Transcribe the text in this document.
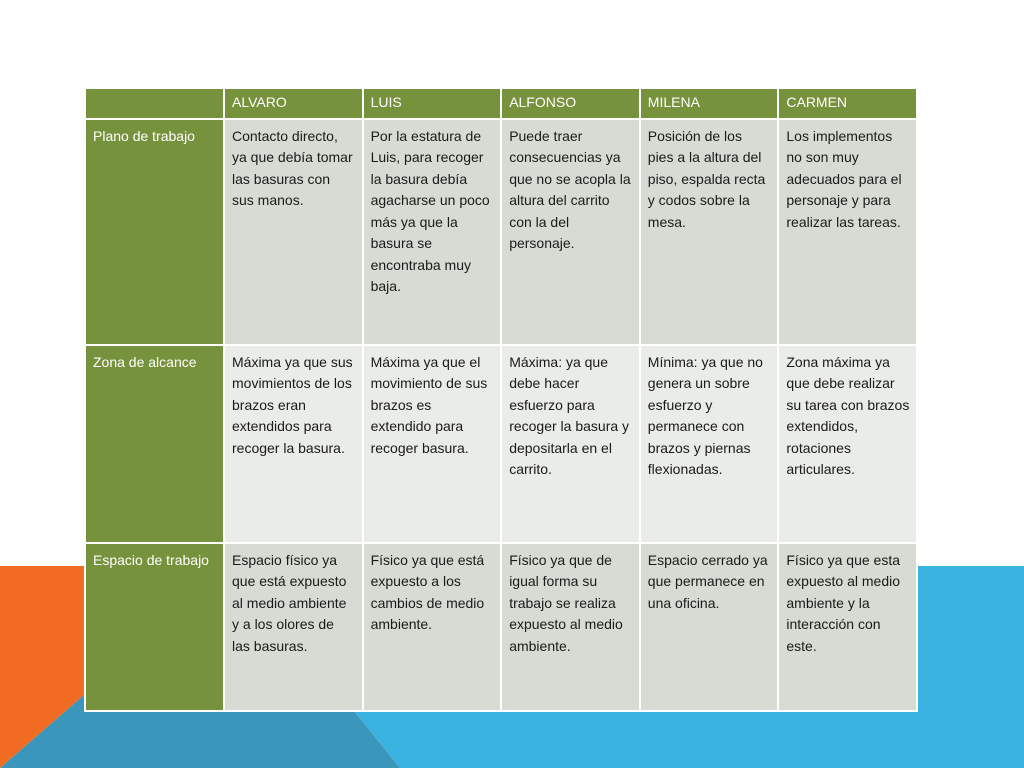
	ALVARO	LUIS	ALFONSO	MILENA	CARMEN
Plano de trabajo	Contacto directo, ya que debía tomar las basuras con sus manos.	Por la estatura de Luis, para recoger la basura debía agacharse un poco más ya que la basura se encontraba muy baja.	Puede traer consecuencias ya que no se acopla la altura del carrito con la del personaje.	Posición de los pies a la altura del piso, espalda recta y codos sobre la mesa.	Los implementos no son muy adecuados para el personaje y para realizar las tareas.
Zona de alcance	Máxima ya que sus movimientos de los brazos eran extendidos para recoger la basura.	Máxima ya que el movimiento de sus brazos es extendido para recoger basura.	Máxima: ya que debe hacer esfuerzo para recoger la basura y depositarla en el carrito.	Mínima: ya que no genera un sobre esfuerzo y permanece con brazos y piernas flexionadas.	Zona máxima ya que debe realizar su tarea con brazos extendidos, rotaciones articulares.
Espacio de trabajo	Espacio físico ya que está expuesto al medio ambiente y a los olores de las basuras.	Físico ya que está expuesto a los cambios de medio ambiente.	Físico ya que de igual forma su trabajo se realiza expuesto al medio ambiente.	Espacio cerrado ya que permanece en una oficina.	Físico ya que esta expuesto al medio ambiente y la interacción con este.
